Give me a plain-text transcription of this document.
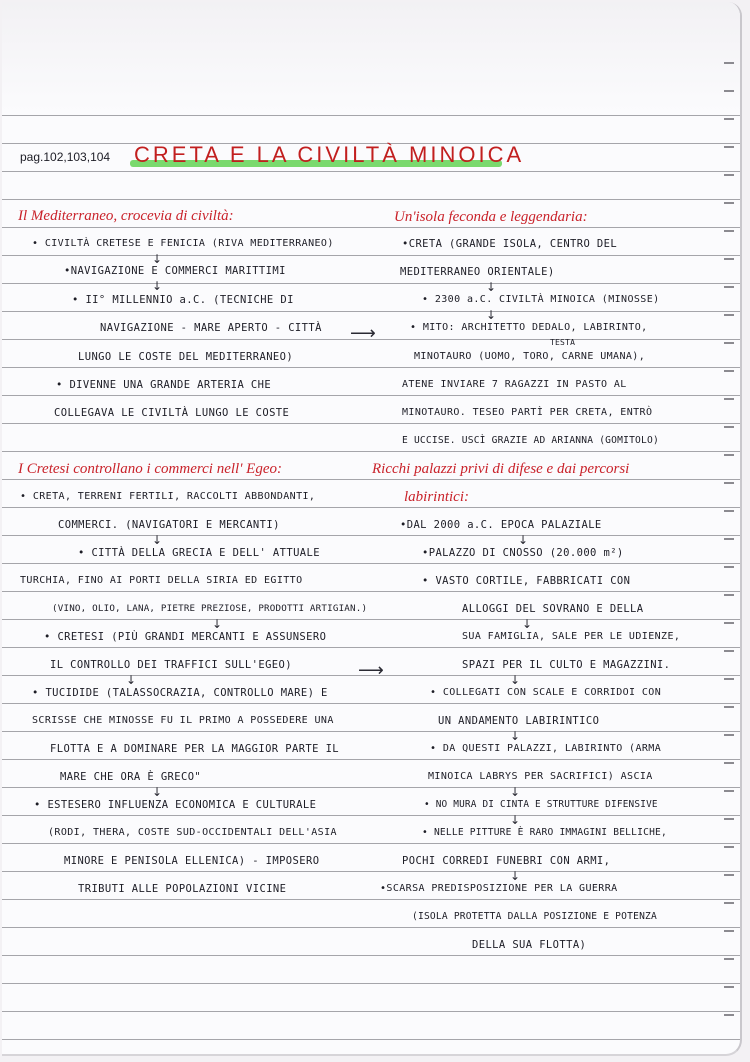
pag.102,103,104 CRETA E LA CIVILTÀ MINOICA
Il Mediterraneo, crocevia di civiltà:
• CIVILTÀ CRETESE E FENICIA (RIVA MEDITERRANEO)
↓
•NAVIGAZIONE E COMMERCI MARITTIMI
↓
• II° MILLENNIO a.C. (TECNICHE DI
NAVIGAZIONE - MARE APERTO - CITTÀ ⟶
LUNGO LE COSTE DEL MEDITERRANEO)
• DIVENNE UNA GRANDE ARTERIA CHE
COLLEGAVA LE CIVILTÀ LUNGO LE COSTE
I Cretesi controllano i commerci nell' Egeo:
• CRETA, TERRENI FERTILI, RACCOLTI ABBONDANTI,
COMMERCI. (NAVIGATORI E MERCANTI)
↓
• CITTÀ DELLA GRECIA E DELL' ATTUALE
TURCHIA, FINO AI PORTI DELLA SIRIA ED EGITTO
(VINO, OLIO, LANA, PIETRE PREZIOSE, PRODOTTI ARTIGIAN.)
↓
• CRETESI (PIÙ GRANDI MERCANTI E ASSUNSERO
IL CONTROLLO DEI TRAFFICI SULL'EGEO)	⟶
↓
• TUCIDIDE (TALASSOCRAZIA, CONTROLLO MARE) E
SCRISSE CHE MINOSSE FU IL PRIMO A POSSEDERE UNA
FLOTTA E A DOMINARE PER LA MAGGIOR PARTE IL
MARE CHE ORA È GRECO"
↓
• ESTESERO INFLUENZA ECONOMICA E CULTURALE
(RODI, THERA, COSTE SUD-OCCIDENTALI DELL'ASIA
MINORE E PENISOLA ELLENICA) - IMPOSERO
TRIBUTI ALLE POPOLAZIONI VICINE
Un'isola feconda e leggendaria:
•CRETA (GRANDE ISOLA, CENTRO DEL
MEDITERRANEO ORIENTALE)
↓
• 2300 a.C. CIVILTÀ MINOICA (MINOSSE)
↓
• MITO: ARCHITETTO DEDALO, LABIRINTO,
TESTA
MINOTAURO (UOMO, TORO, CARNE UMANA),
ATENE INVIARE 7 RAGAZZI IN PASTO AL
MINOTAURO. TESEO PARTÌ PER CRETA, ENTRÒ
E UCCISE. USCÌ GRAZIE AD ARIANNA (GOMITOLO)
Ricchi palazzi privi di difese e dai percorsi
labirintici:
•DAL 2000 a.C. EPOCA PALAZIALE
↓
•PALAZZO DI CNOSSO (20.000 m²)
• VASTO CORTILE, FABBRICATI CON
ALLOGGI DEL SOVRANO E DELLA
↓
SUA FAMIGLIA, SALE PER LE UDIENZE,
SPAZI PER IL CULTO E MAGAZZINI.
↓
• COLLEGATI CON SCALE E CORRIDOI CON
UN ANDAMENTO LABIRINTICO
↓
• DA QUESTI PALAZZI, LABIRINTO (ARMA
MINOICA LABRYS PER SACRIFICI) ASCIA
↓
• NO MURA DI CINTA E STRUTTURE DIFENSIVE
↓
• NELLE PITTURE È RARO IMMAGINI BELLICHE,
POCHI CORREDI FUNEBRI CON ARMI,
↓
•SCARSA PREDISPOSIZIONE PER LA GUERRA
(ISOLA PROTETTA DALLA POSIZIONE E POTENZA
DELLA SUA FLOTTA)
